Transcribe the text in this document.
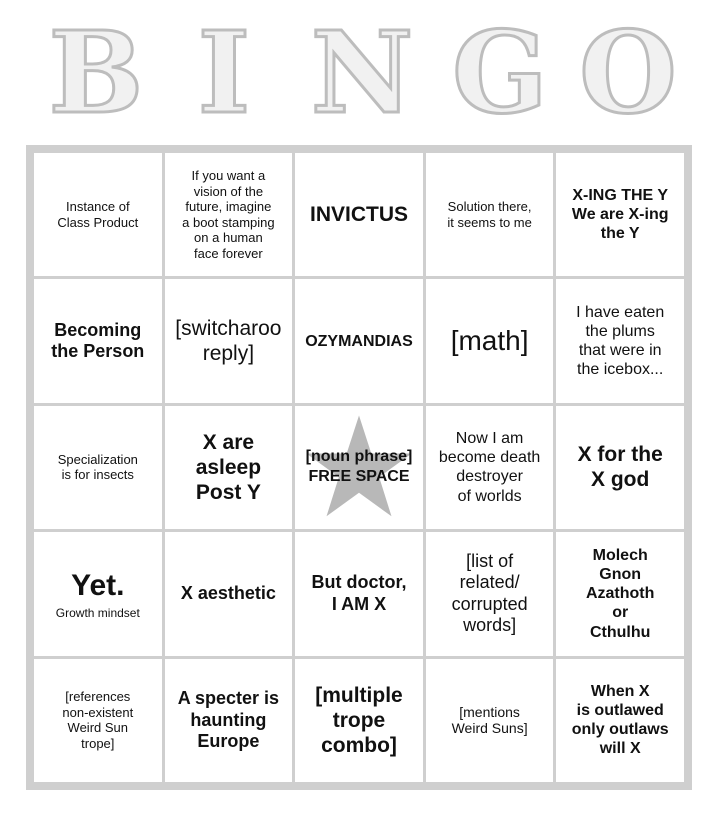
B I N G O
Instance of
Class Product
If you want a
vision of the
future, imagine
a boot stamping
on a human
face forever
INVICTUS	Solution there,
it seems to me
X-ING THE Y
We are X-ing
the Y
Becoming
the Person
[switcharoo
reply]
OZYMANDIAS	[math]
I have eaten
the plums
that were in
the icebox...
Specialization
is for insects
X are asleep
Post Y
[noun phrase]
FREE SPACE
Now I am
become death
destroyer
of worlds
X for the
X god
Yet.
Growth mindset
X aesthetic
But doctor,
I AM X
[list of
related/
corrupted
words]
Molech
Gnon
Azathoth
or
Cthulhu
[references
non-existent
Weird Sun
trope]
A specter is
haunting
Europe
[multiple
trope
combo]
[mentions
Weird Suns]
When X
is outlawed
only outlaws
will X
